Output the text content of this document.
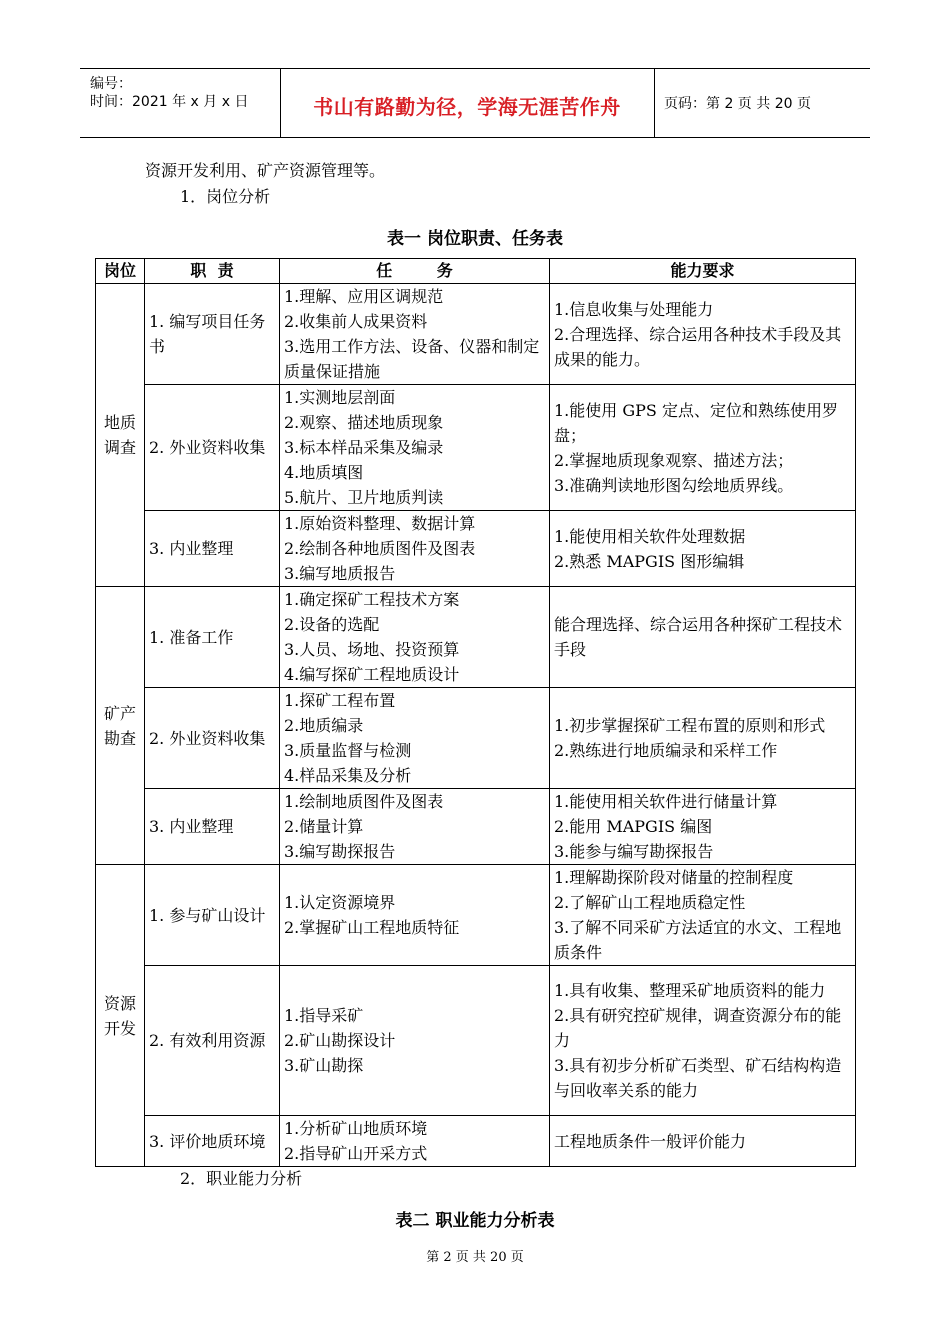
编号：
时间：2021 年 x 月 x 日	书山有路勤为径，学海无涯苦作舟	页码：第 2 页 共 20 页
资源开发利用、矿产资源管理等。
1．岗位分析
表一 岗位职责、任务表
岗位	职  责	任        务	能力要求
地质调查	1. 编写项目任务书	1.理解、应用区调规范
2.收集前人成果资料
3.选用工作方法、设备、仪器和制定质量保证措施	1.信息收集与处理能力
2.合理选择、综合运用各种技术手段及其成果的能力。

	2. 外业资料收集	1.实测地层剖面
2.观察、描述地质现象
3.标本样品采集及编录
4.地质填图
5.航片、卫片地质判读	1.能使用 GPS 定点、定位和熟练使用罗盘；
2.掌握地质现象观察、描述方法；
3.准确判读地形图勾绘地质界线。

	3. 内业整理	1.原始资料整理、数据计算
2.绘制各种地质图件及图表
3.编写地质报告	1.能使用相关软件处理数据
2.熟悉 MAPGIS 图形编辑

矿产勘查	1. 准备工作	1.确定探矿工程技术方案
2.设备的选配
3.人员、场地、投资预算
4.编写探矿工程地质设计	能合理选择、综合运用各种探矿工程技术手段

	2. 外业资料收集	1.探矿工程布置
2.地质编录
3.质量监督与检测
4.样品采集及分析	1.初步掌握探矿工程布置的原则和形式
2.熟练进行地质编录和采样工作

	3. 内业整理	1.绘制地质图件及图表
2.储量计算
3.编写勘探报告	1.能使用相关软件进行储量计算
2.能用 MAPGIS 编图
3.能参与编写勘探报告

资源开发	1. 参与矿山设计	1.认定资源境界
2.掌握矿山工程地质特征	1.理解勘探阶段对储量的控制程度
2.了解矿山工程地质稳定性
3.了解不同采矿方法适宜的水文、工程地质条件

	2. 有效利用资源	1.指导采矿
2.矿山勘探设计
3.矿山勘探	1.具有收集、整理采矿地质资料的能力
2.具有研究控矿规律，调查资源分布的能力
3.具有初步分析矿石类型、矿石结构构造与回收率关系的能力

	3. 评价地质环境	1.分析矿山地质环境
2.指导矿山开采方式	工程地质条件一般评价能力
2．职业能力分析
表二 职业能力分析表
第 2 页 共 20 页
